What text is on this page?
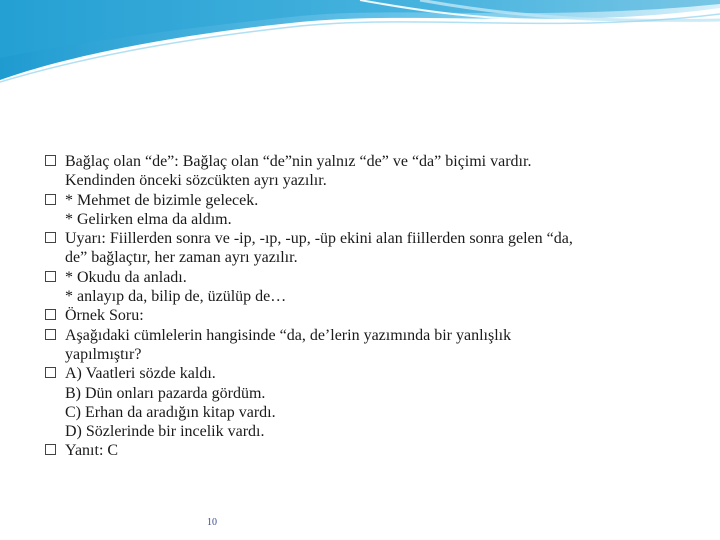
Bağlaç olan “de”: Bağlaç olan “de”nin yalnız “de” ve “da” biçimi vardır.
Kendinden önceki sözcükten ayrı yazılır.
* Mehmet de bizimle gelecek.
* Gelirken elma da aldım.
Uyarı: Fiillerden sonra ve -ip, -ıp, -up, -üp ekini alan fiillerden sonra gelen “da,
de” bağlaçtır, her zaman ayrı yazılır.
* Okudu da anladı.
* anlayıp da, bilip de, üzülüp de…
Örnek Soru:
Aşağıdaki cümlelerin hangisinde “da, de’lerin yazımında bir yanlışlık
yapılmıştır?
A) Vaatleri sözde kaldı.
B) Dün onları pazarda gördüm.
C) Erhan da aradığın kitap vardı.
D) Sözlerinde bir incelik vardı.
Yanıt: C
10
